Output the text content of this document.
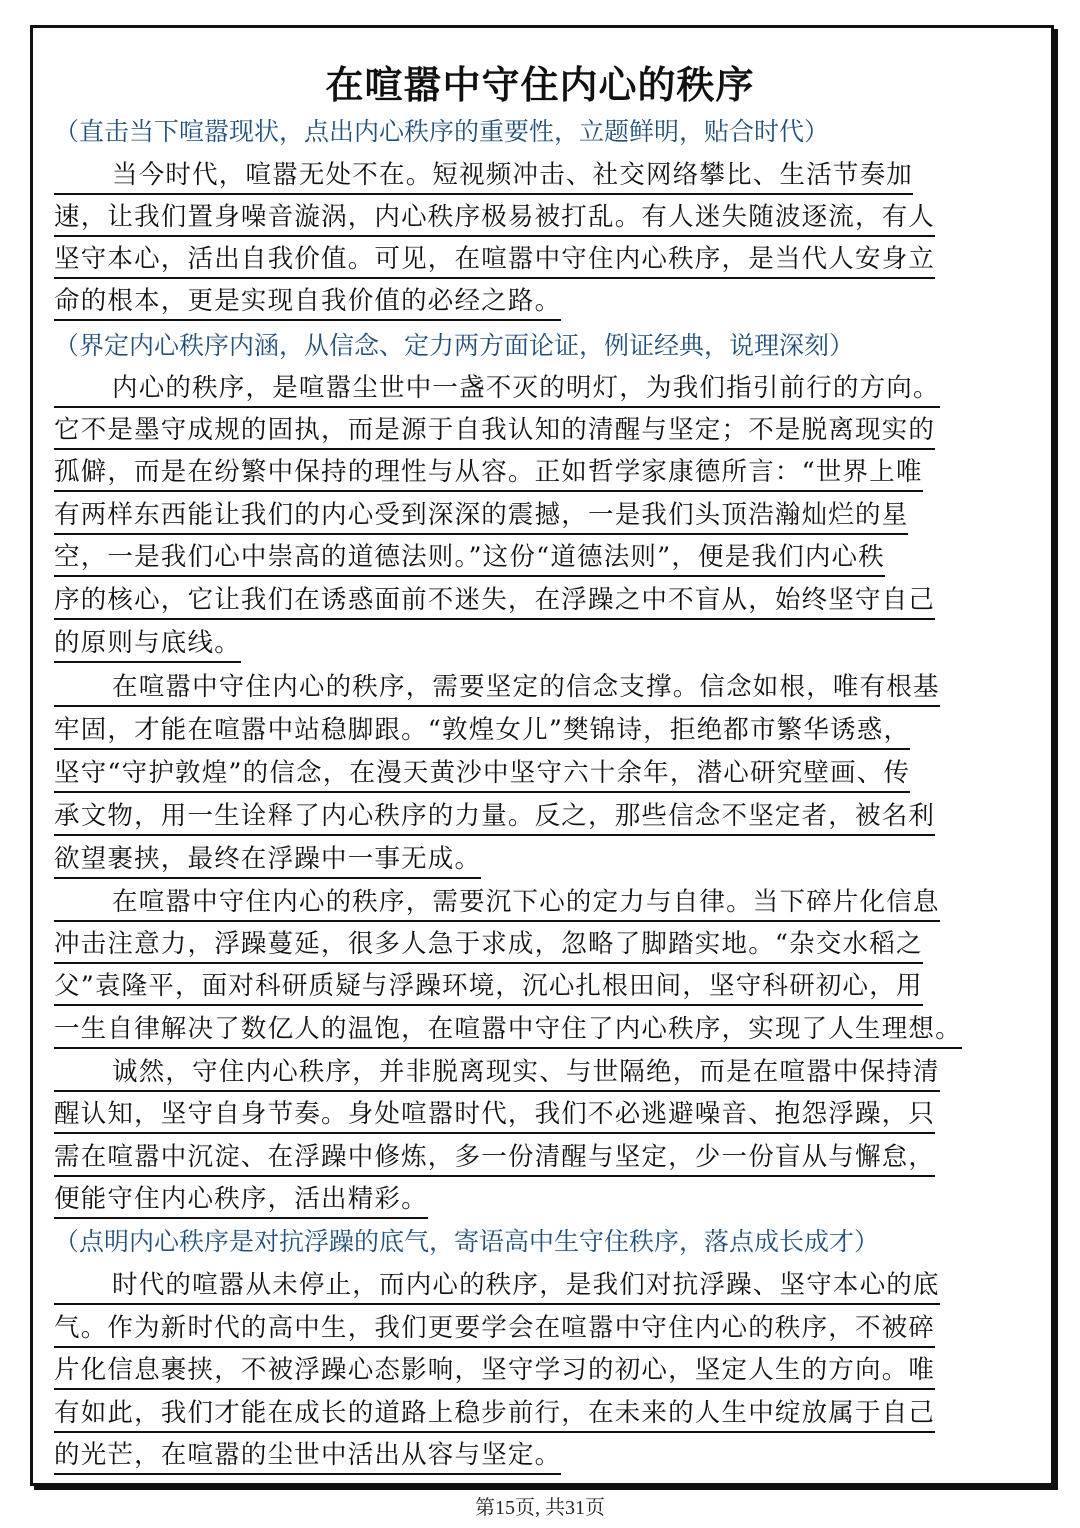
在喧嚣中守住内心的秩序
（直击当下喧嚣现状，点出内心秩序的重要性，立题鲜明，贴合时代）
当今时代，喧嚣无处不在。短视频冲击、社交网络攀比、生活节奏加
速，让我们置身噪音漩涡，内心秩序极易被打乱。有人迷失随波逐流，有人
坚守本心，活出自我价值。可见，在喧嚣中守住内心秩序，是当代人安身立
命的根本，更是实现自我价值的必经之路。
（界定内心秩序内涵，从信念、定力两方面论证，例证经典，说理深刻）
内心的秩序，是喧嚣尘世中一盏不灭的明灯，为我们指引前行的方向。
它不是墨守成规的固执，而是源于自我认知的清醒与坚定；不是脱离现实的
孤僻，而是在纷繁中保持的理性与从容。正如哲学家康德所言：“世界上唯
有两样东西能让我们的内心受到深深的震撼，一是我们头顶浩瀚灿烂的星
空，一是我们心中崇高的道德法则。”这份“道德法则”，便是我们内心秩
序的核心，它让我们在诱惑面前不迷失，在浮躁之中不盲从，始终坚守自己
的原则与底线。
在喧嚣中守住内心的秩序，需要坚定的信念支撑。信念如根，唯有根基
牢固，才能在喧嚣中站稳脚跟。“敦煌女儿”樊锦诗，拒绝都市繁华诱惑，
坚守“守护敦煌”的信念，在漫天黄沙中坚守六十余年，潜心研究壁画、传
承文物，用一生诠释了内心秩序的力量。反之，那些信念不坚定者，被名利
欲望裹挟，最终在浮躁中一事无成。
在喧嚣中守住内心的秩序，需要沉下心的定力与自律。当下碎片化信息
冲击注意力，浮躁蔓延，很多人急于求成，忽略了脚踏实地。“杂交水稻之
父”袁隆平，面对科研质疑与浮躁环境，沉心扎根田间，坚守科研初心，用
一生自律解决了数亿人的温饱，在喧嚣中守住了内心秩序，实现了人生理想。
诚然，守住内心秩序，并非脱离现实、与世隔绝，而是在喧嚣中保持清
醒认知，坚守自身节奏。身处喧嚣时代，我们不必逃避噪音、抱怨浮躁，只
需在喧嚣中沉淀、在浮躁中修炼，多一份清醒与坚定，少一份盲从与懈怠，
便能守住内心秩序，活出精彩。
（点明内心秩序是对抗浮躁的底气，寄语高中生守住秩序，落点成长成才）
时代的喧嚣从未停止，而内心的秩序，是我们对抗浮躁、坚守本心的底
气。作为新时代的高中生，我们更要学会在喧嚣中守住内心的秩序，不被碎
片化信息裹挟，不被浮躁心态影响，坚守学习的初心，坚定人生的方向。唯
有如此，我们才能在成长的道路上稳步前行，在未来的人生中绽放属于自己
的光芒，在喧嚣的尘世中活出从容与坚定。
第15页, 共31页
